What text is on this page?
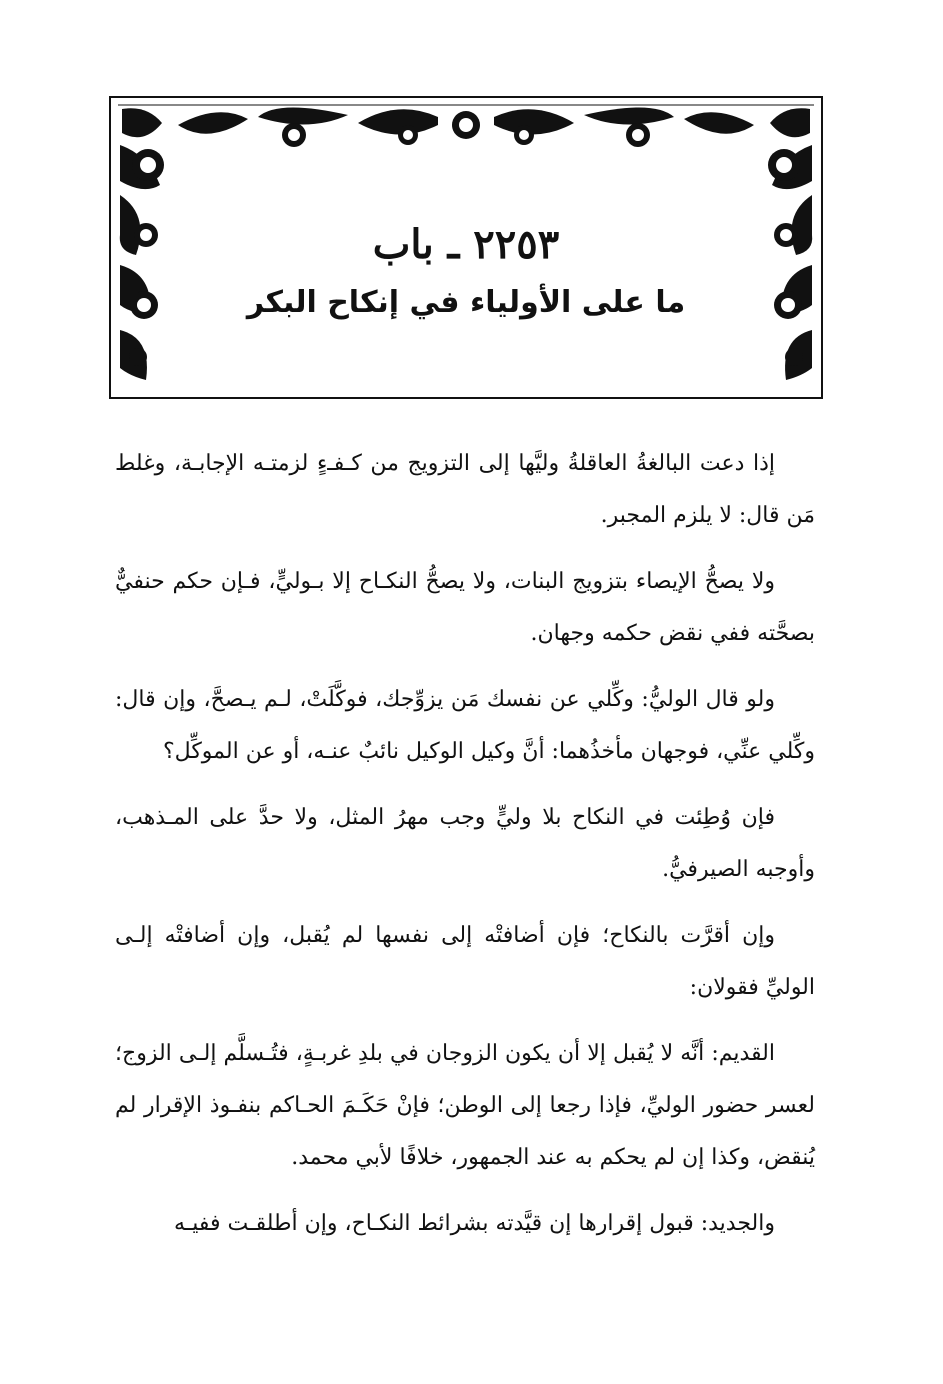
٢٢٥٣ ـ باب
ما على الأولياء في إنكاح البكر

إذا دعت البالغةُ العاقلةُ وليَّها إلى التزويج من كـفـءٍ لزمتـه الإجابـة، وغلط مَن قال: لا يلزم المجبر.

ولا يصحُّ الإيصاء بتزويج البنات، ولا يصحُّ النكـاح إلا بـوليٍّ، فـإن حكم حنفيٌّ بصحَّته ففي نقض حكمه وجهان.

ولو قال الوليُّ: وكِّلي عن نفسك مَن يزوِّجك، فوكَّلَتْ، لـم يـصحَّ، وإن قال: وكِّلي عنِّي، فوجهان مأخذُهما: أنَّ وكيل الوكيل نائبٌ عنـه، أو عن الموكِّل؟

فإن وُطِئت في النكاح بلا وليٍّ وجب مهرُ المثل، ولا حدَّ على المـذهب، وأوجبه الصيرفيُّ.

وإن أقرَّت بالنكاح؛ فإن أضافتْه إلى نفسها لم يُقبل، وإن أضافتْه إلـى الوليِّ فقولان:

القديم: أنَّه لا يُقبل إلا أن يكون الزوجان في بلدِ غربـةٍ، فتُـسلَّم إلـى الزوج؛ لعسر حضور الوليِّ، فإذا رجعا إلى الوطن؛ فإنْ حَكَـمَ الحـاكم بنفـوذ الإقرار لم يُنقض، وكذا إن لم يحكم به عند الجمهور، خلافًا لأبي محمد.

والجديد: قبول إقرارها إن قيَّدته بشرائط النكـاح، وإن أطلقـت ففيـه
